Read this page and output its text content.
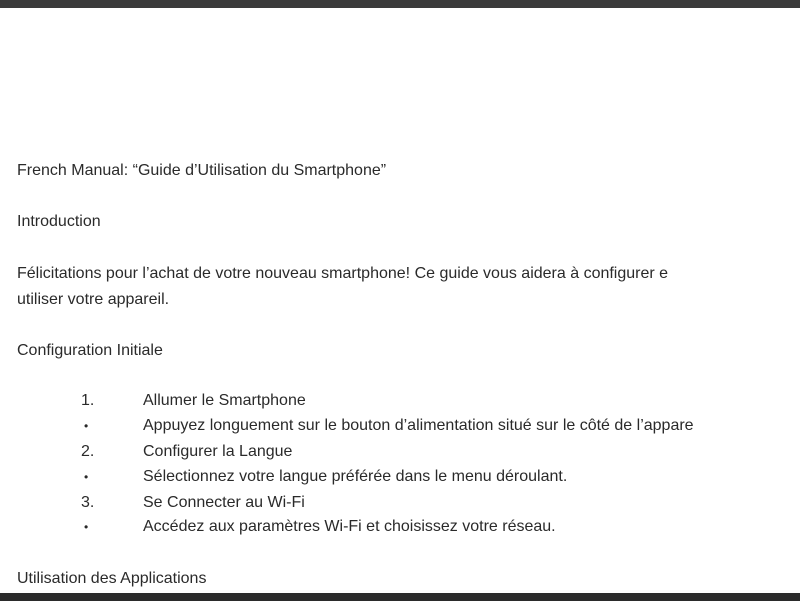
French Manual: “Guide d’Utilisation du Smartphone”
Introduction
Félicitations pour l’achat de votre nouveau smartphone! Ce guide vous aidera à configurer e
utiliser votre appareil.
Configuration Initiale
1.	Allumer le Smartphone
•	Appuyez longuement sur le bouton d’alimentation situé sur le côté de l’appare
2.	Configurer la Langue
•	Sélectionnez votre langue préférée dans le menu déroulant.
3.	Se Connecter au Wi-Fi
•	Accédez aux paramètres Wi-Fi et choisissez votre réseau.
Utilisation des Applications
